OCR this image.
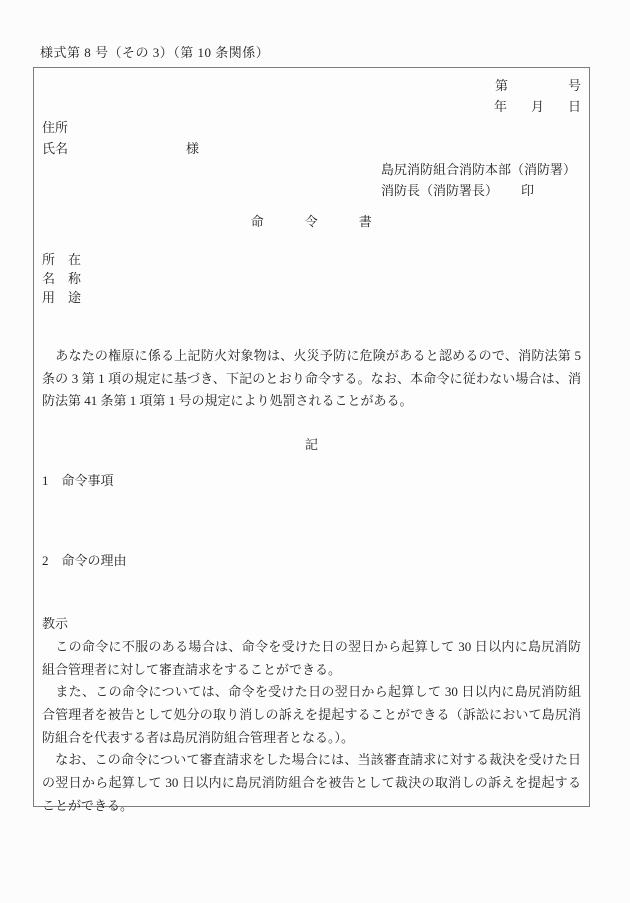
様式第 8 号（その 3）（第 10 条関係）
第	号
年 月 日
住所
氏名	様
島尻消防組合消防本部（消防署）
消防長（消防署長） 印
命　　　令　　　書
所　在
名　称
用　途

　あなたの権原に係る上記防火対象物は、火災予防に危険があると認めるので、消防法第 5 条の 3 第 1 項の規定に基づき、下記のとおり命令する。なお、本命令に従わない場合は、消防法第 41 条第 1 項第 1 号の規定により処罰されることがある。

記
1　命令事項
2　命令の理由

教示

　この命令に不服のある場合は、命令を受けた日の翌日から起算して 30 日以内に島尻消防組合管理者に対して審査請求をすることができる。

　また、この命令については、命令を受けた日の翌日から起算して 30 日以内に島尻消防組合管理者を被告として処分の取り消しの訴えを提起することができる（訴訟において島尻消防組合を代表する者は島尻消防組合管理者となる。）。

　なお、この命令について審査請求をした場合には、当該審査請求に対する裁決を受けた日の翌日から起算して 30 日以内に島尻消防組合を被告として裁決の取消しの訴えを提起することができる。
